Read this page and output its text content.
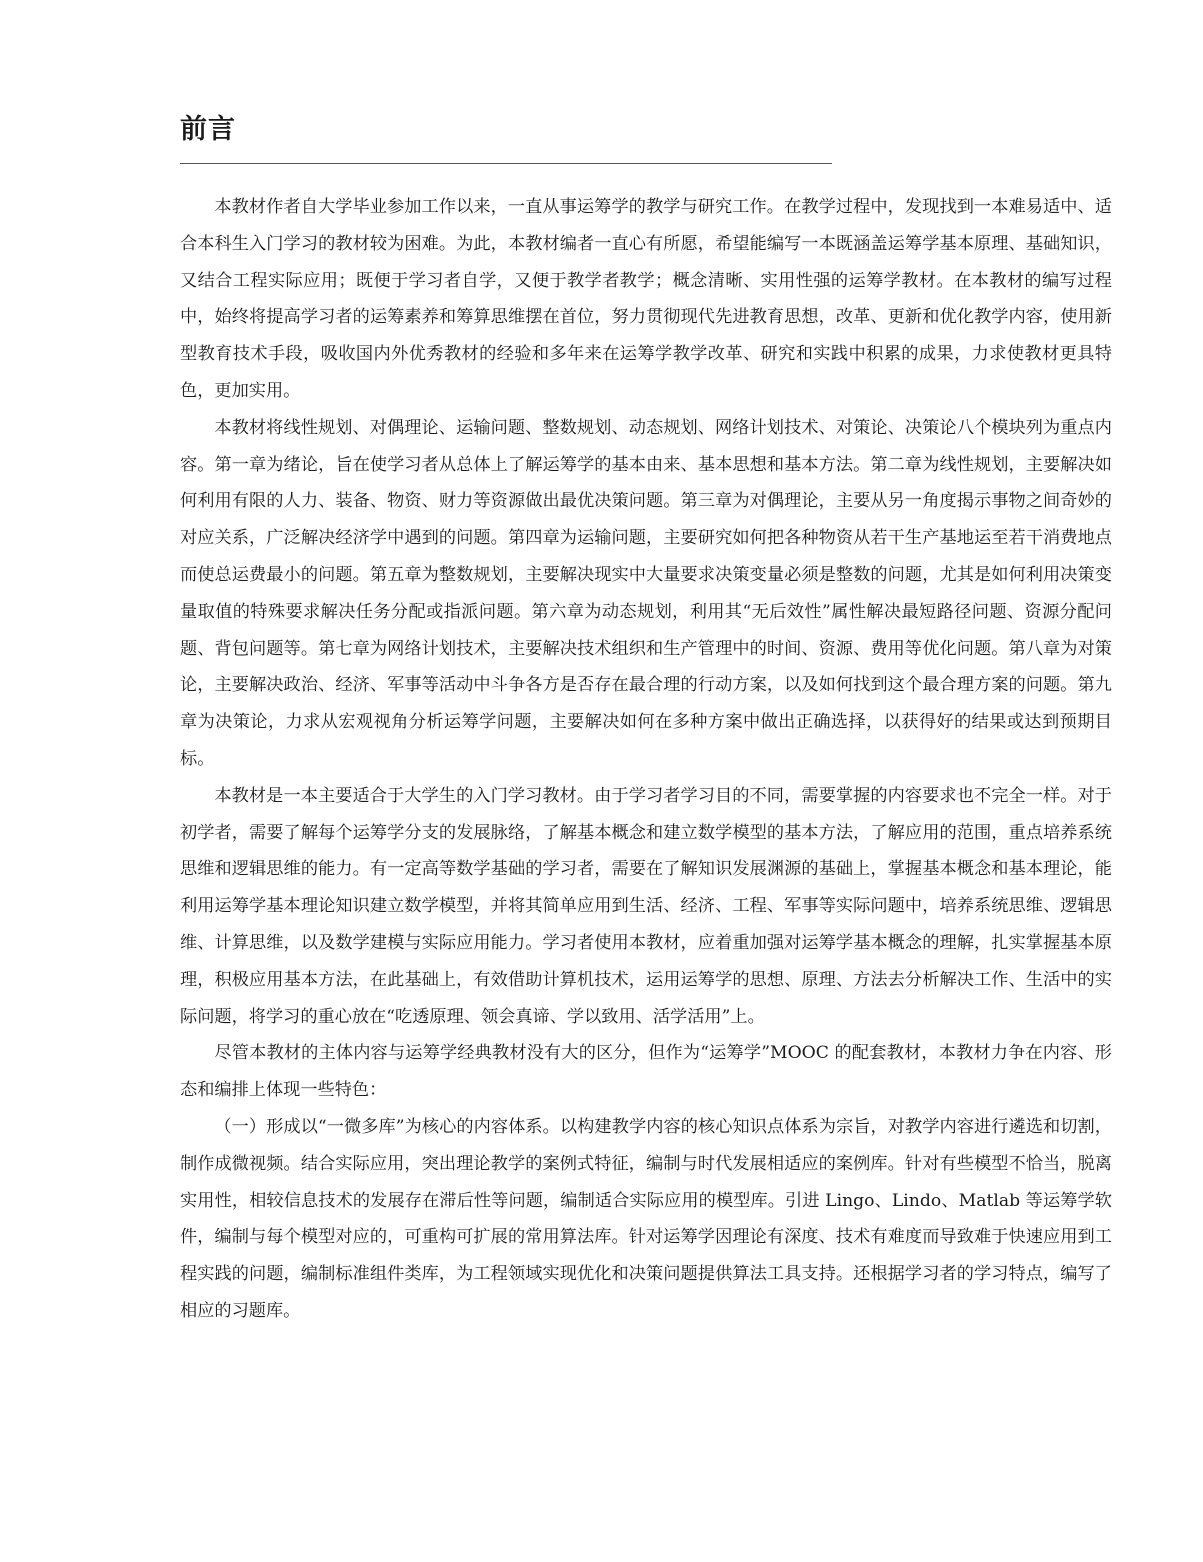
前言

本教材作者自大学毕业参加工作以来，一直从事运筹学的教学与研究工作。在教学过程中，发现找到一本难易适中、适合本科生入门学习的教材较为困难。为此，本教材编者一直心有所愿，希望能编写一本既涵盖运筹学基本原理、基础知识，又结合工程实际应用；既便于学习者自学，又便于教学者教学；概念清晰、实用性强的运筹学教材。在本教材的编写过程中，始终将提高学习者的运筹素养和筹算思维摆在首位，努力贯彻现代先进教育思想，改革、更新和优化教学内容，使用新型教育技术手段，吸收国内外优秀教材的经验和多年来在运筹学教学改革、研究和实践中积累的成果，力求使教材更具特色，更加实用。

本教材将线性规划、对偶理论、运输问题、整数规划、动态规划、网络计划技术、对策论、决策论八个模块列为重点内容。第一章为绪论，旨在使学习者从总体上了解运筹学的基本由来、基本思想和基本方法。第二章为线性规划，主要解决如何利用有限的人力、装备、物资、财力等资源做出最优决策问题。第三章为对偶理论，主要从另一角度揭示事物之间奇妙的对应关系，广泛解决经济学中遇到的问题。第四章为运输问题，主要研究如何把各种物资从若干生产基地运至若干消费地点而使总运费最小的问题。第五章为整数规划，主要解决现实中大量要求决策变量必须是整数的问题，尤其是如何利用决策变量取值的特殊要求解决任务分配或指派问题。第六章为动态规划，利用其“无后效性”属性解决最短路径问题、资源分配问题、背包问题等。第七章为网络计划技术，主要解决技术组织和生产管理中的时间、资源、费用等优化问题。第八章为对策论，主要解决政治、经济、军事等活动中斗争各方是否存在最合理的行动方案，以及如何找到这个最合理方案的问题。第九章为决策论，力求从宏观视角分析运筹学问题，主要解决如何在多种方案中做出正确选择，以获得好的结果或达到预期目标。

本教材是一本主要适合于大学生的入门学习教材。由于学习者学习目的不同，需要掌握的内容要求也不完全一样。对于初学者，需要了解每个运筹学分支的发展脉络，了解基本概念和建立数学模型的基本方法，了解应用的范围，重点培养系统思维和逻辑思维的能力。有一定高等数学基础的学习者，需要在了解知识发展渊源的基础上，掌握基本概念和基本理论，能利用运筹学基本理论知识建立数学模型，并将其简单应用到生活、经济、工程、军事等实际问题中，培养系统思维、逻辑思维、计算思维，以及数学建模与实际应用能力。学习者使用本教材，应着重加强对运筹学基本概念的理解，扎实掌握基本原理，积极应用基本方法，在此基础上，有效借助计算机技术，运用运筹学的思想、原理、方法去分析解决工作、生活中的实际问题，将学习的重心放在“吃透原理、领会真谛、学以致用、活学活用”上。

尽管本教材的主体内容与运筹学经典教材没有大的区分，但作为“运筹学”MOOC 的配套教材，本教材力争在内容、形态和编排上体现一些特色：

（一）形成以“一微多库”为核心的内容体系。以构建教学内容的核心知识点体系为宗旨，对教学内容进行遴选和切割，制作成微视频。结合实际应用，突出理论教学的案例式特征，编制与时代发展相适应的案例库。针对有些模型不恰当，脱离实用性，相较信息技术的发展存在滞后性等问题，编制适合实际应用的模型库。引进 Lingo、Lindo、Matlab 等运筹学软件，编制与每个模型对应的，可重构可扩展的常用算法库。针对运筹学因理论有深度、技术有难度而导致难于快速应用到工程实践的问题，编制标准组件类库，为工程领域实现优化和决策问题提供算法工具支持。还根据学习者的学习特点，编写了相应的习题库。
